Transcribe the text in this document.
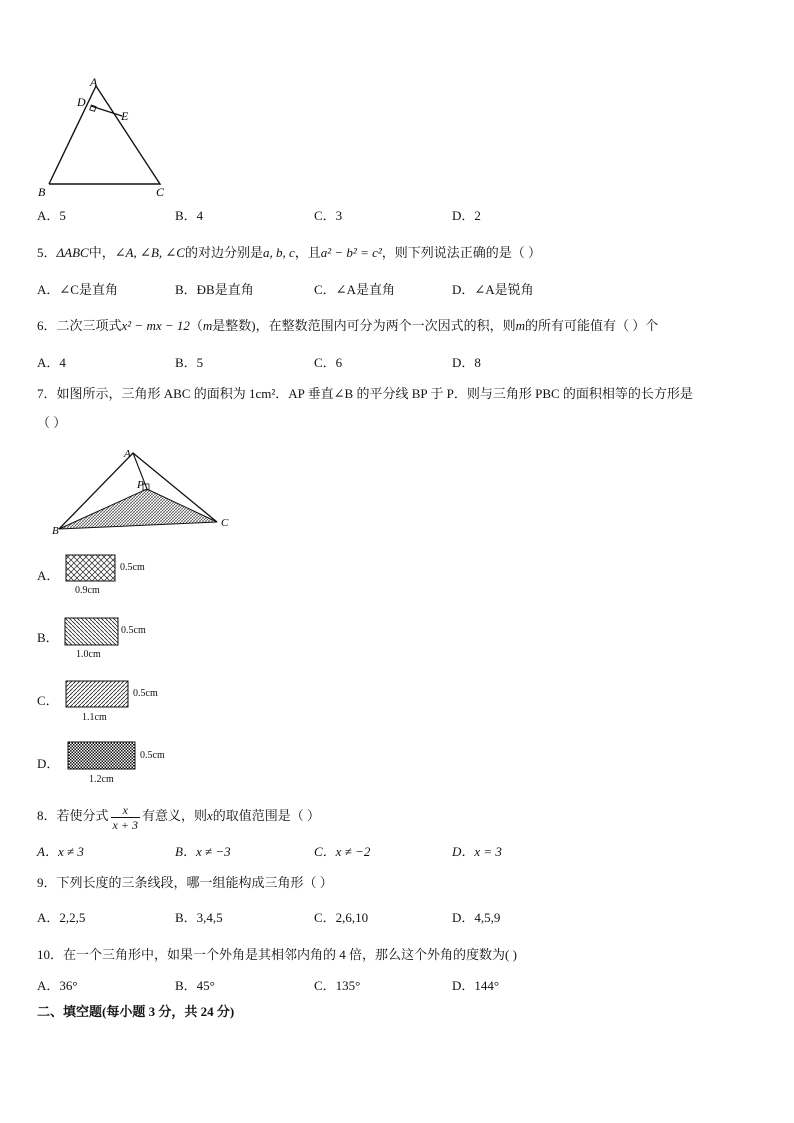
A
D
E
B	C
A．5	B．4	C．3	D．2
5．ΔABC中，∠A, ∠B, ∠C的对边分别是a, b, c，且a² − b² = c²，则下列说法正确的是（ ）
A．∠C是直角	B．ÐB是直角	C．∠A是直角	D．∠A是锐角
6．二次三项式x² − mx − 12（m是整数)，在整数范围内可分为两个一次因式的积，则m的所有可能值有（ ）个
A．4	B．5	C．6	D．8
7．如图所示，三角形 ABC 的面积为 1cm²．AP 垂直∠B 的平分线 BP 于 P．则与三角形 PBC 的面积相等的长方形是
（ ）
A
P
B
C
A．
0.5cm
0.9cm
B．	0.5cm
1.0cm
C．	0.5cm
1.1cm
D．
0.5cm
1.2cm
8．若使分式 $\frac{x}{x + 3}$ 有意义，则x的取值范围是（ ）
A．x ≠ 3	B．x ≠ −3	C．x ≠ −2	D．x = 3
9．下列长度的三条线段，哪一组能构成三角形（ ）
A．2,2,5	B．3,4,5	C．2,6,10	D．4,5,9
10．在一个三角形中，如果一个外角是其相邻内角的 4 倍，那么这个外角的度数为( )
A．36°	B．45°	C．135°	D．144°
二、填空题(每小题 3 分，共 24 分)
